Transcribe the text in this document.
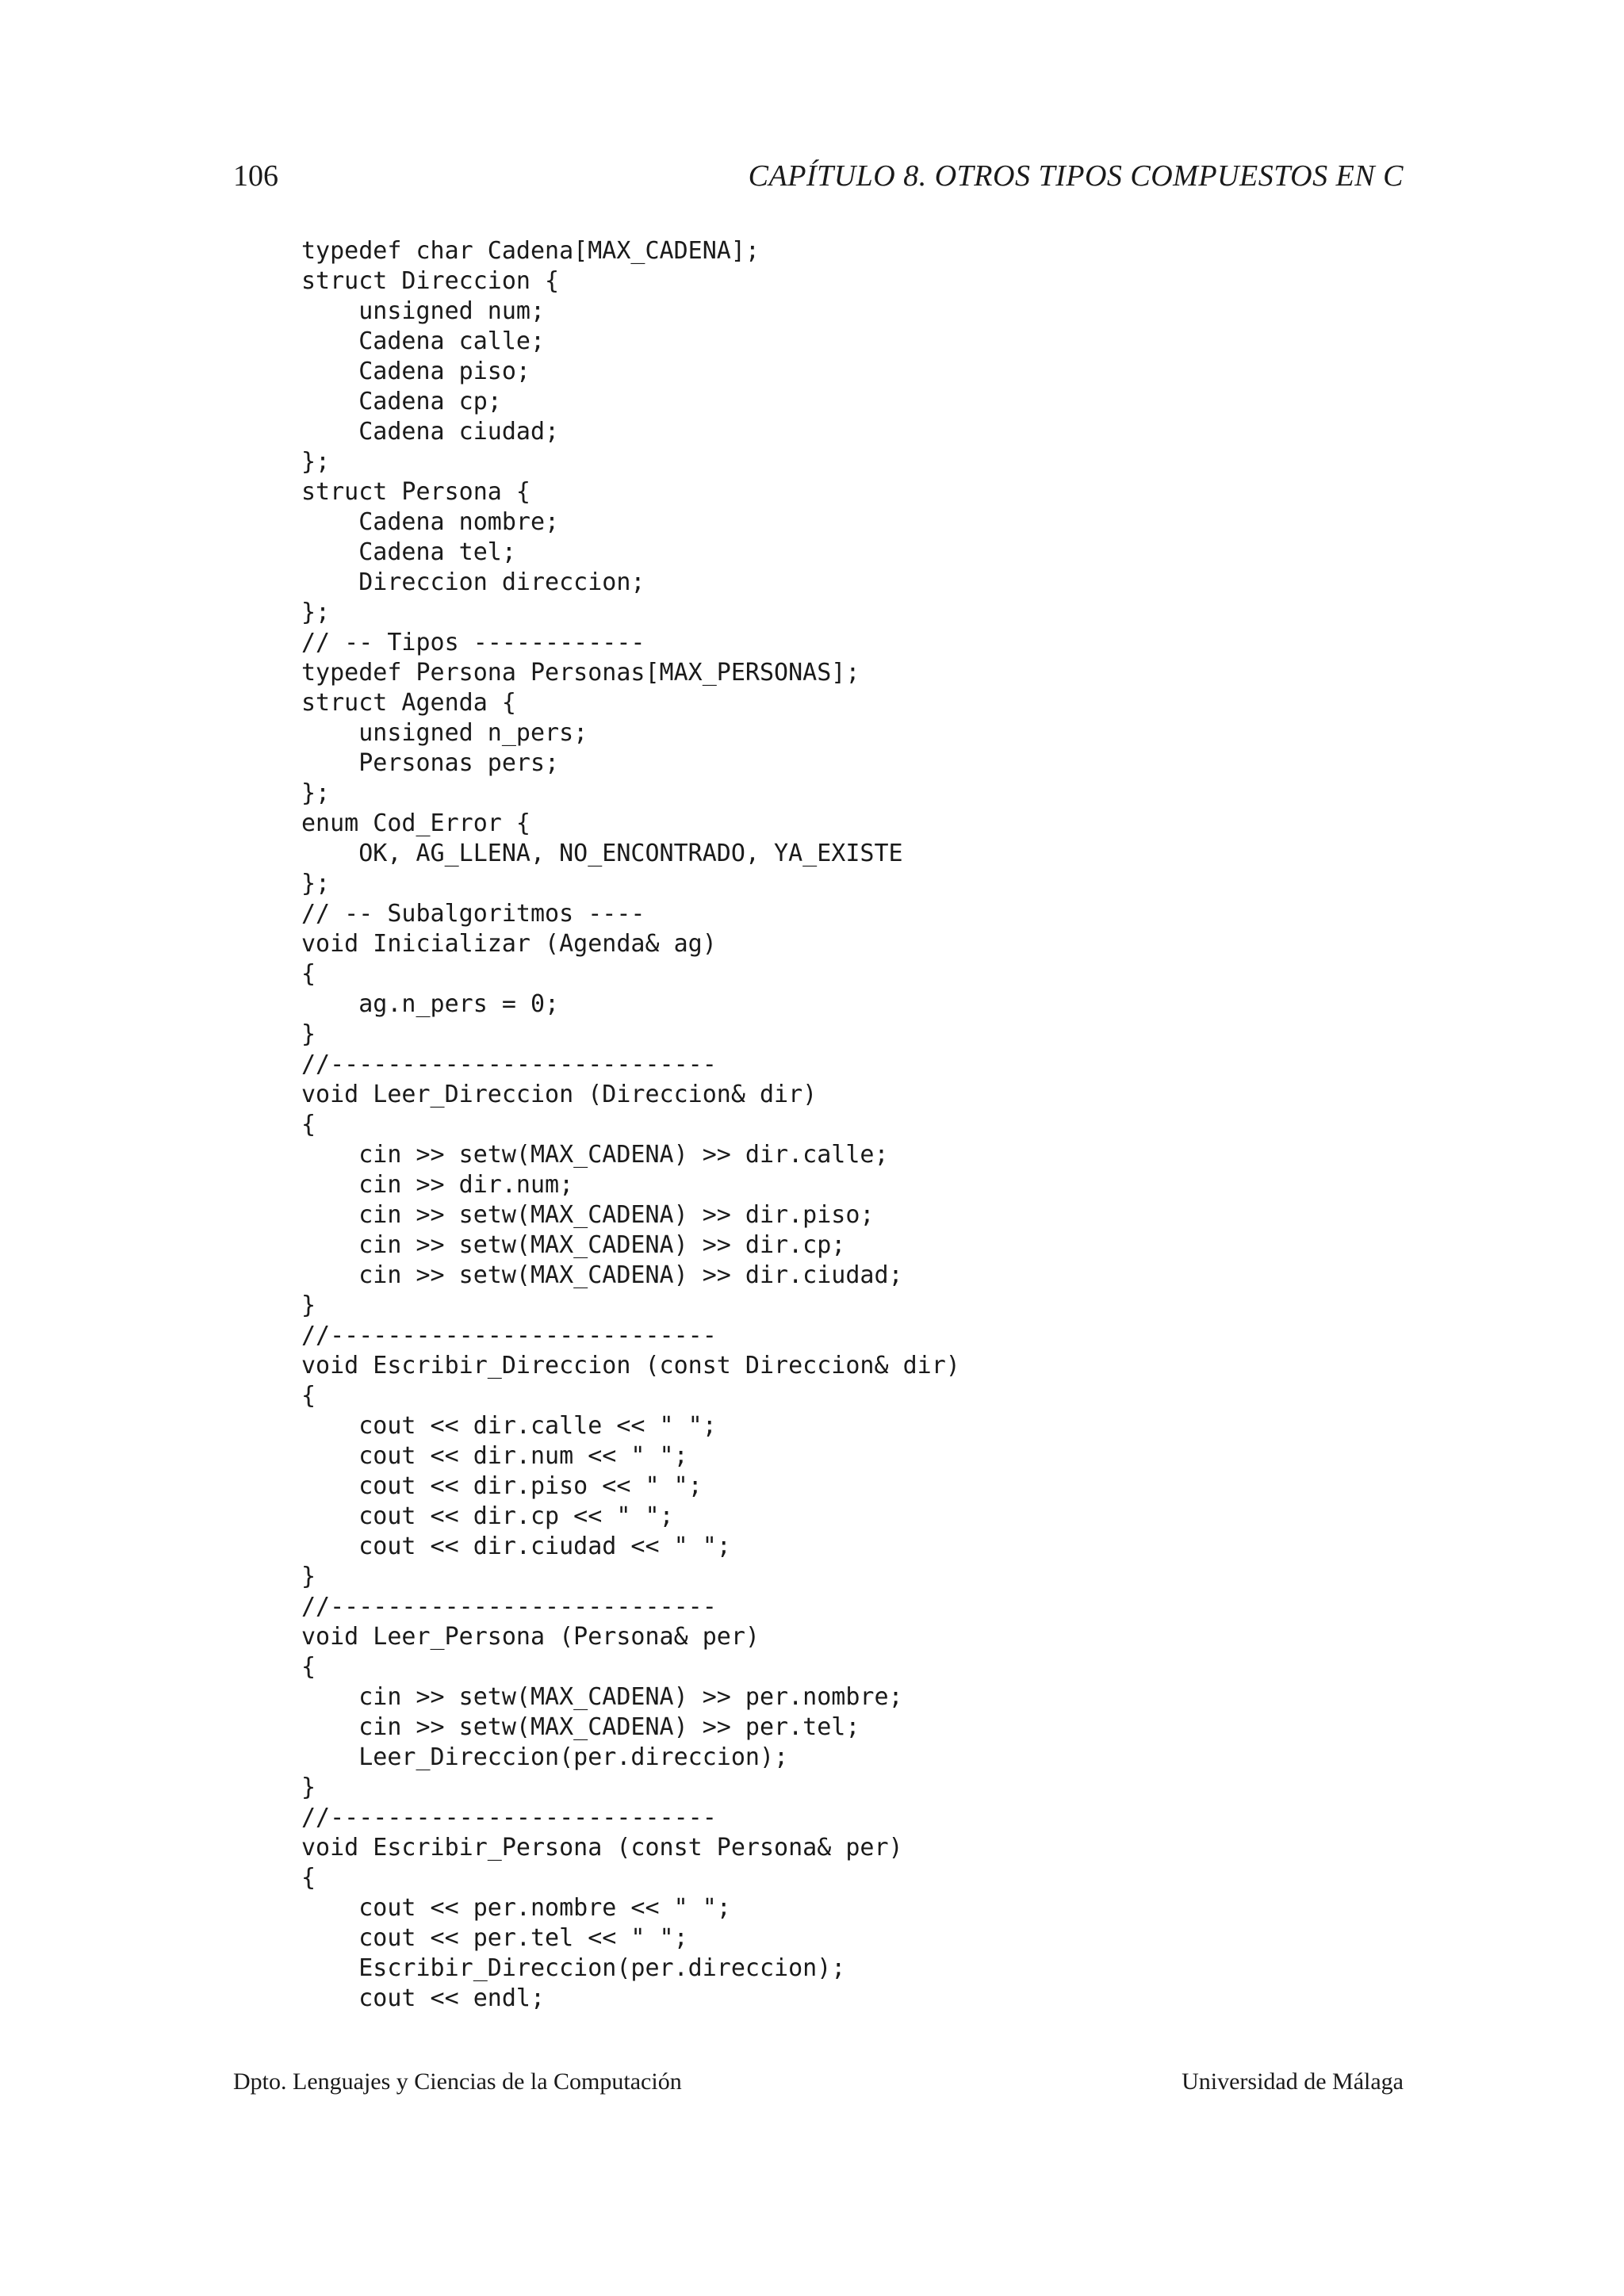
106	CAPÍTULO 8. OTROS TIPOS COMPUESTOS EN C
typedef char Cadena[MAX_CADENA];
struct Direccion {
unsigned num;
Cadena calle;
Cadena piso;
Cadena cp;
Cadena ciudad;
};
struct Persona {
Cadena nombre;
Cadena tel;
Direccion direccion;
};
// -- Tipos ------------
typedef Persona Personas[MAX_PERSONAS];
struct Agenda {
unsigned n_pers;
Personas pers;
};
enum Cod_Error {
OK, AG_LLENA, NO_ENCONTRADO, YA_EXISTE
};
// -- Subalgoritmos ----
void Inicializar (Agenda& ag)
{
ag.n_pers = 0;
}
//---------------------------
void Leer_Direccion (Direccion& dir)
{
cin >> setw(MAX_CADENA) >> dir.calle;
cin >> dir.num;
cin >> setw(MAX_CADENA) >> dir.piso;
cin >> setw(MAX_CADENA) >> dir.cp;
cin >> setw(MAX_CADENA) >> dir.ciudad;
}
//---------------------------
void Escribir_Direccion (const Direccion& dir)
{
cout << dir.calle << " ";
cout << dir.num << " ";
cout << dir.piso << " ";
cout << dir.cp << " ";
cout << dir.ciudad << " ";
}
//---------------------------
void Leer_Persona (Persona& per)
{
cin >> setw(MAX_CADENA) >> per.nombre;
cin >> setw(MAX_CADENA) >> per.tel;
Leer_Direccion(per.direccion);
}
//---------------------------
void Escribir_Persona (const Persona& per)
{
cout << per.nombre << " ";
cout << per.tel << " ";
Escribir_Direccion(per.direccion);
cout << endl;
Dpto. Lenguajes y Ciencias de la Computación	Universidad de Málaga
